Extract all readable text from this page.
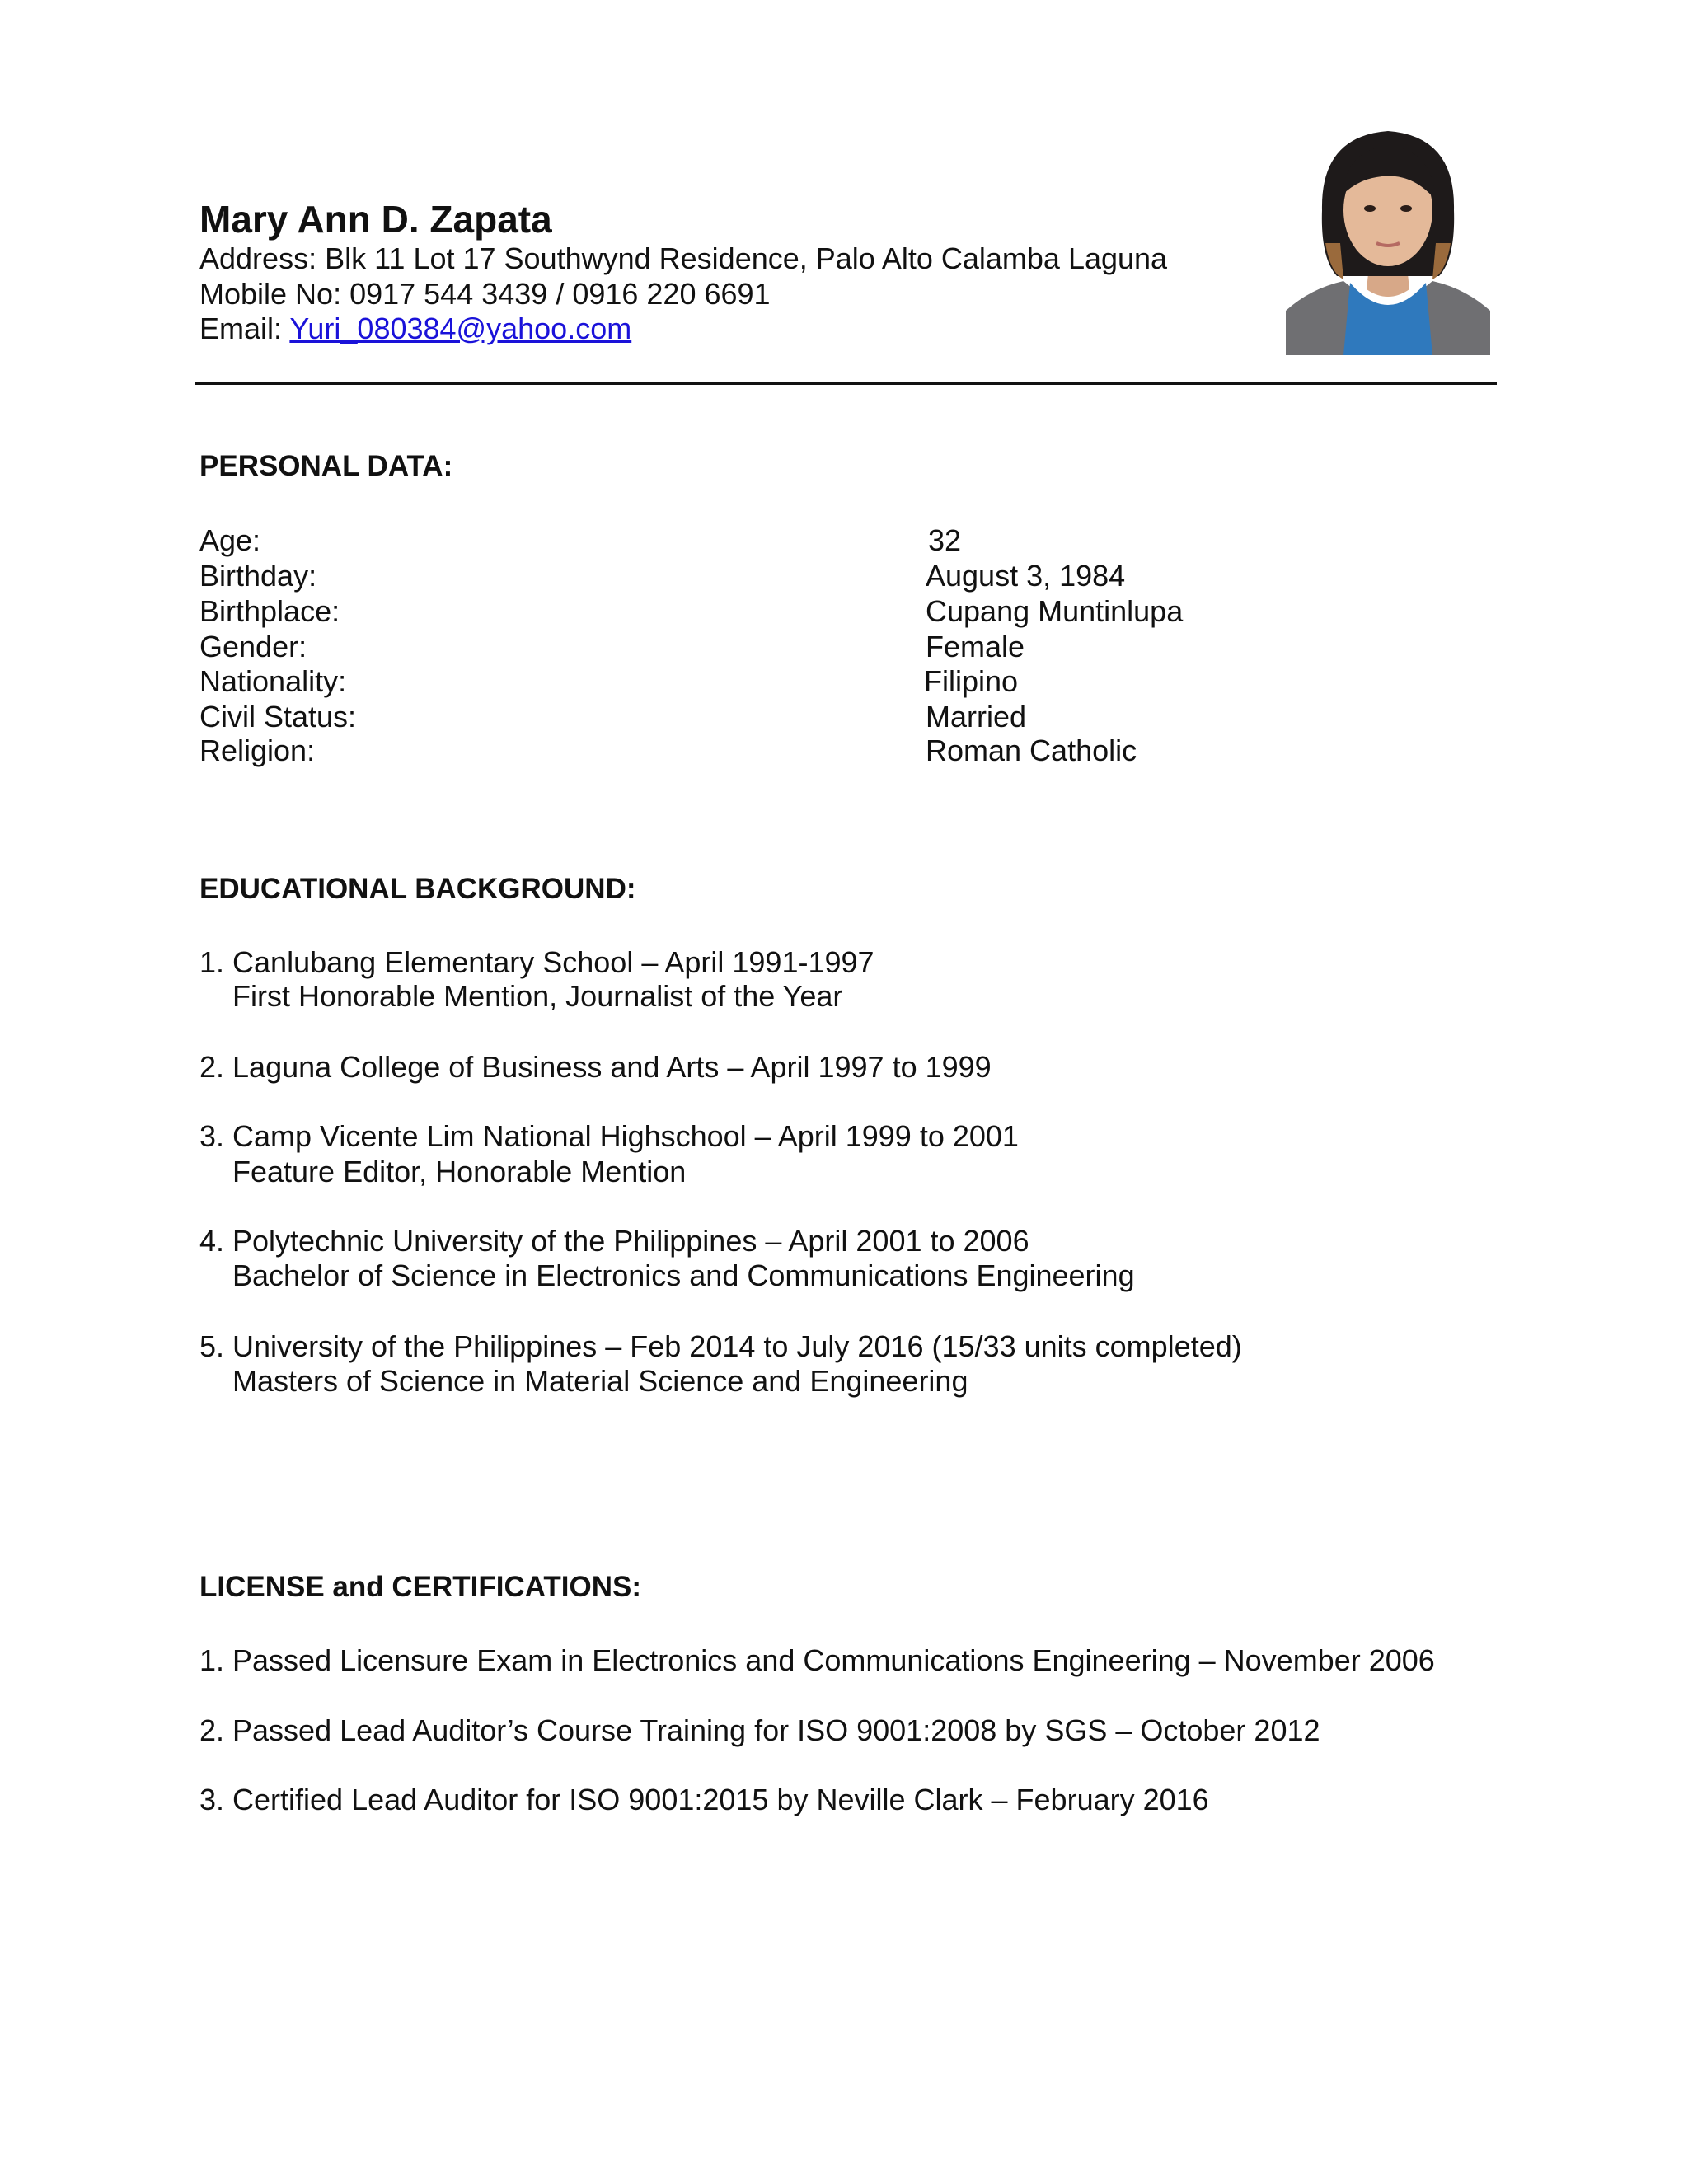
Mary Ann D. Zapata
Address: Blk 11 Lot 17 Southwynd Residence, Palo Alto Calamba Laguna
Mobile No: 0917 544 3439 / 0916 220 6691
Email: Yuri_080384@yahoo.com
PERSONAL DATA:
Age:	32
Birthday:	August 3, 1984
Birthplace:	Cupang Muntinlupa
Gender:	Female
Nationality:	Filipino
Civil Status:	Married
Religion:	Roman Catholic
EDUCATIONAL BACKGROUND:
1. Canlubang Elementary School – April 1991-1997
First Honorable Mention, Journalist of the Year
2. Laguna College of Business and Arts – April 1997 to 1999
3. Camp Vicente Lim National Highschool – April 1999 to 2001
Feature Editor, Honorable Mention
4. Polytechnic University of the Philippines – April 2001 to 2006
Bachelor of Science in Electronics and Communications Engineering
5. University of the Philippines – Feb 2014 to July 2016 (15/33 units completed)
Masters of Science in Material Science and Engineering
LICENSE and CERTIFICATIONS:
1. Passed Licensure Exam in Electronics and Communications Engineering – November 2006
2. Passed Lead Auditor’s Course Training for ISO 9001:2008 by SGS – October 2012
3. Certified Lead Auditor for ISO 9001:2015 by Neville Clark – February 2016
